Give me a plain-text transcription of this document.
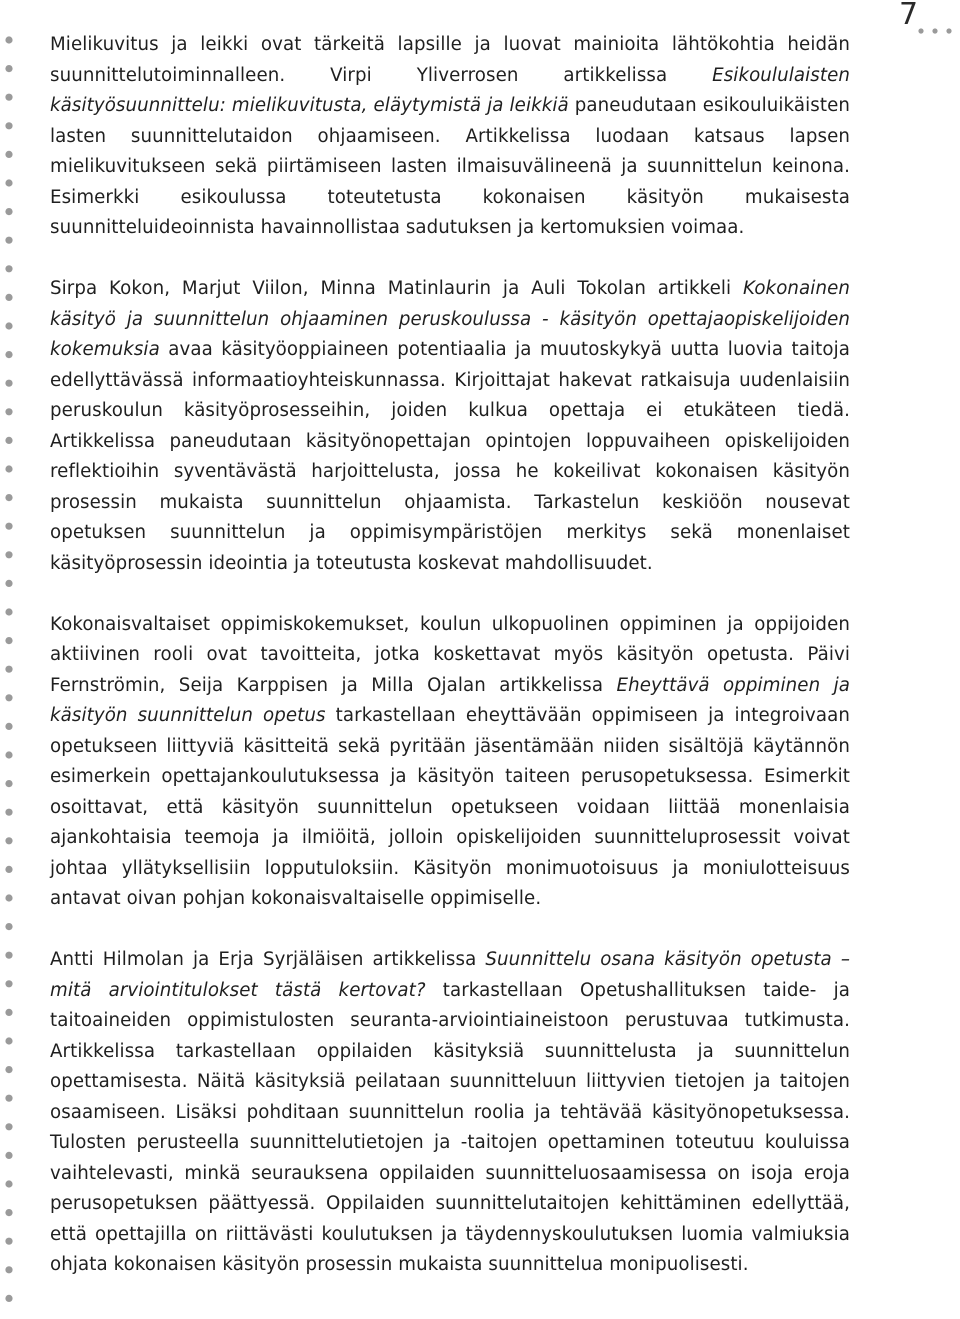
7

Mielikuvitus ja leikki ovat tärkeitä lapsille ja luovat mainioita lähtökohtia heidän suunnittelutoiminnalleen. Virpi Yliverrosen artikkelissa Esikoululaisten käsityösuunnittelu: mielikuvitusta, eläytymistä ja leikkiä paneudutaan esikouluikäisten lasten suunnittelutaidon ohjaamiseen. Artikkelissa luodaan katsaus lapsen mielikuvitukseen sekä piirtämiseen lasten ilmaisuvälineenä ja suunnittelun keinona. Esimerkki esikoulussa toteutetusta kokonaisen käsityön mukaisesta suunnitteluideoinnista havainnollistaa sadutuksen ja kertomuksien voimaa.

Sirpa Kokon, Marjut Viilon, Minna Matinlaurin ja Auli Tokolan artikkeli Kokonainen käsityö ja suunnittelun ohjaaminen peruskoulussa - käsityön opettajaopiskelijoiden kokemuksia avaa käsityöoppiaineen potentiaalia ja muutoskykyä uutta luovia taitoja edellyttävässä informaatioyhteiskunnassa. Kirjoittajat hakevat ratkaisuja uudenlaisiin peruskoulun käsityöprosesseihin, joiden kulkua opettaja ei etukäteen tiedä. Artikkelissa paneudutaan käsityönopettajan opintojen loppuvaiheen opiskelijoiden reflektioihin syventävästä harjoittelusta, jossa he kokeilivat kokonaisen käsityön prosessin mukaista suunnittelun ohjaamista. Tarkastelun keskiöön nousevat opetuksen suunnittelun ja oppimisympäristöjen merkitys sekä monenlaiset käsityöprosessin ideointia ja toteutusta koskevat mahdollisuudet.

Kokonaisvaltaiset oppimiskokemukset, koulun ulkopuolinen oppiminen ja oppijoiden aktiivinen rooli ovat tavoitteita, jotka koskettavat myös käsityön opetusta. Päivi Fernströmin, Seija Karppisen ja Milla Ojalan artikkelissa Eheyttävä oppiminen ja käsityön suunnittelun opetus tarkastellaan eheyttävään oppimiseen ja integroivaan opetukseen liittyviä käsitteitä sekä pyritään jäsentämään niiden sisältöjä käytännön esimerkein opettajankoulutuksessa ja käsityön taiteen perusopetuksessa. Esimerkit osoittavat, että käsityön suunnittelun opetukseen voidaan liittää monenlaisia ajankohtaisia teemoja ja ilmiöitä, jolloin opiskelijoiden suunnitteluprosessit voivat johtaa yllätyksellisiin lopputuloksiin. Käsityön monimuotoisuus ja moniulotteisuus antavat oivan pohjan kokonaisvaltaiselle oppimiselle.

Antti Hilmolan ja Erja Syrjäläisen artikkelissa Suunnittelu osana käsityön opetusta – mitä arviointitulokset tästä kertovat? tarkastellaan Opetushallituksen taide- ja taitoaineiden oppimistulosten seuranta-arviointiaineistoon perustuvaa tutkimusta. Artikkelissa tarkastellaan oppilaiden käsityksiä suunnittelusta ja suunnittelun opettamisesta. Näitä käsityksiä peilataan suunnitteluun liittyvien tietojen ja taitojen osaamiseen. Lisäksi pohditaan suunnittelun roolia ja tehtävää käsityönopetuksessa. Tulosten perusteella suunnittelutietojen ja -taitojen opettaminen toteutuu kouluissa vaihtelevasti, minkä seurauksena oppilaiden suunnitteluosaamisessa on isoja eroja perusopetuksen päättyessä. Oppilaiden suunnittelutaitojen kehittäminen edellyttää, että opettajilla on riittävästi koulutuksen ja täydennyskoulutuksen luomia valmiuksia ohjata kokonaisen käsityön prosessin mukaista suunnittelua monipuolisesti.
